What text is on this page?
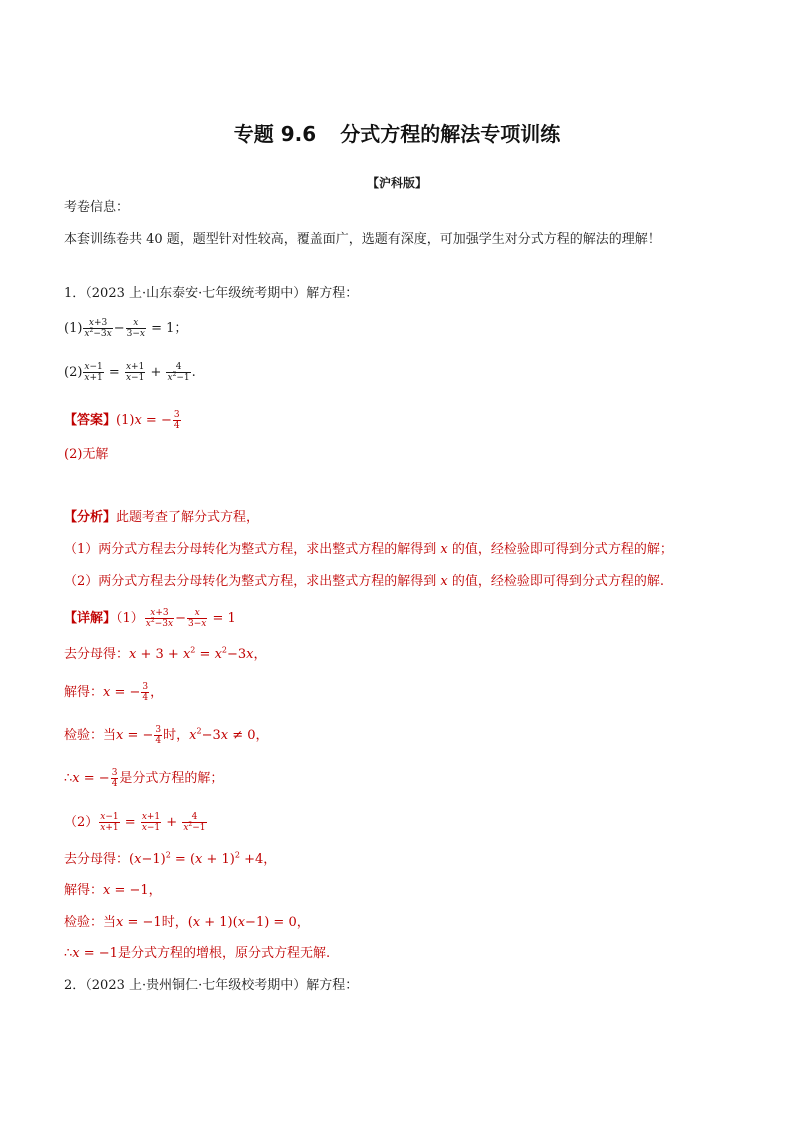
专题 9.6 分式方程的解法专项训练
【沪科版】
考卷信息：
本套训练卷共 40 题，题型针对性较高，覆盖面广，选题有深度，可加强学生对分式方程的解法的理解！
1．（2023 上·山东泰安·七年级统考期中）解方程：
$(1) \frac{x+3}{x^2-3x} - \frac{x}{3-x} = 1$；
$(2) \frac{x-1}{x+1} = \frac{x+1}{x-1} + \frac{4}{x^2-1}$ .
【答案】(1)x = − $\frac{3}{4}$
(2)无解
【分析】此题考查了解分式方程，
（1）两分式方程去分母转化为整式方程，求出整式方程的解得到 x 的值，经检验即可得到分式方程的解；
（2）两分式方程去分母转化为整式方程，求出整式方程的解得到 x 的值，经检验即可得到分式方程的解.
【详解】$(1) \frac{x+3}{x^2-3x} - \frac{x}{3-x} = 1$
去分母得：$x + 3 + x^2 = x^2-3x$，
解得：x = − $\frac{3}{4}$ ，
检验：当x = − $\frac{3}{4}$ 时，$x^2-3x \ne 0$，
∴x = − $\frac{3}{4}$ 是分式方程的解；
$(2) \frac{x-1}{x+1} = \frac{x+1}{x-1} + \frac{4}{x^2-1}$
去分母得：$(x-1)^2 = (x + 1)^2 +4$，
解得：x = −1，
检验：当x = −1时，(x + 1)(x−1) = 0，
∴x = −1是分式方程的增根，原分式方程无解.
2．（2023 上·贵州铜仁·七年级校考期中）解方程：
